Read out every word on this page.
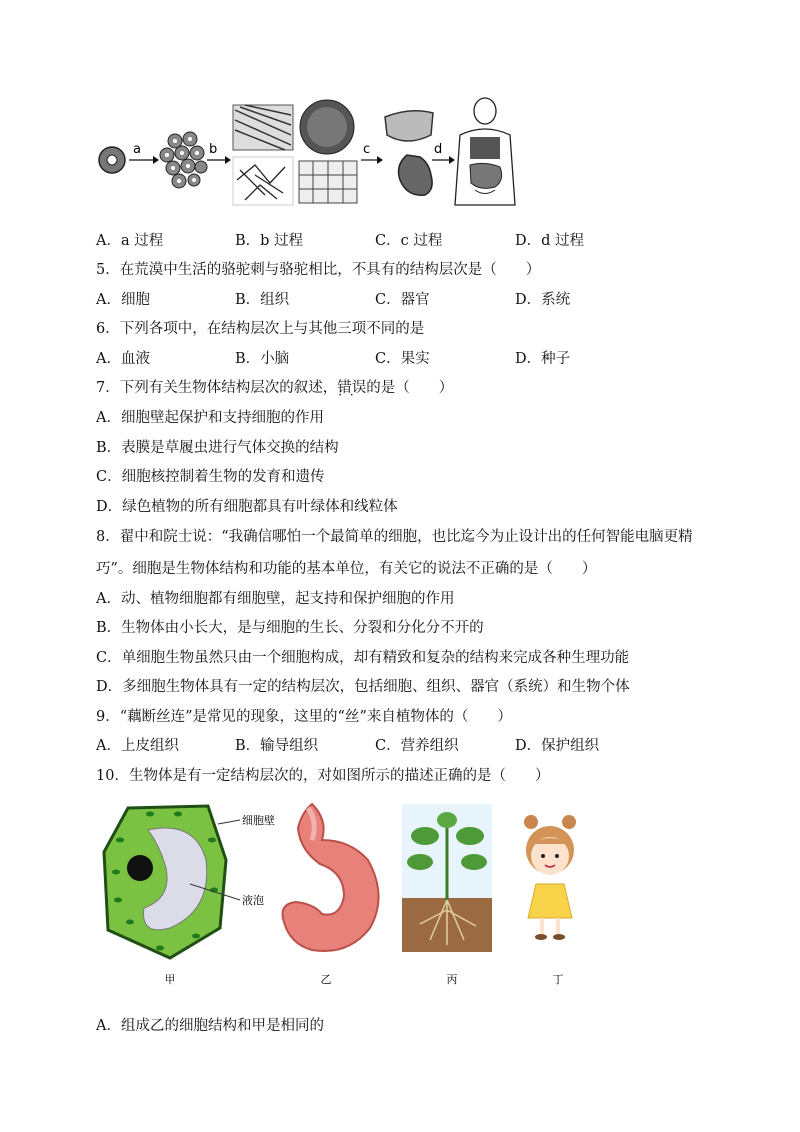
a	b	c	d
A．a 过程	B．b 过程	C．c 过程	D．d 过程
5．在荒漠中生活的骆驼刺与骆驼相比，不具有的结构层次是（　　）
A．细胞	B．组织	C．器官	D．系统
6．下列各项中，在结构层次上与其他三项不同的是
A．血液	B．小脑	C．果实	D．种子
7．下列有关生物体结构层次的叙述，错误 · ·的是（　　）
A．细胞壁起保护和支持细胞的作用
B．表膜是草履虫进行气体交换的结构
C．细胞核控制着生物的发育和遗传
D．绿色植物的所有细胞都具有叶绿体和线粒体
8．翟中和院士说：“我确信哪怕一个最简单的细胞，也比迄今为止设计出的任何智能电脑更精
巧”。细胞是生物体结构和功能的基本单位，有关它的说法不正确的是（　　）
A．动、植物细胞都有细胞壁，起支持和保护细胞的作用
B．生物体由小长大，是与细胞的生长、分裂和分化分不开的
C．单细胞生物虽然只由一个细胞构成，却有精致和复杂的结构来完成各种生理功能
D．多细胞生物体具有一定的结构层次，包括细胞、组织、器官（系统）和生物个体
9．“藕断丝连”是常见的现象，这里的“丝”来自植物体的（　　）
A．上皮组织	B．输导组织	C．营养组织	D．保护组织
10．生物体是有一定结构层次的，对如图所示的描述正确的是（　　）
细胞壁
液泡
甲	乙	丙	丁
A．组成乙的细胞结构和甲是相同的
